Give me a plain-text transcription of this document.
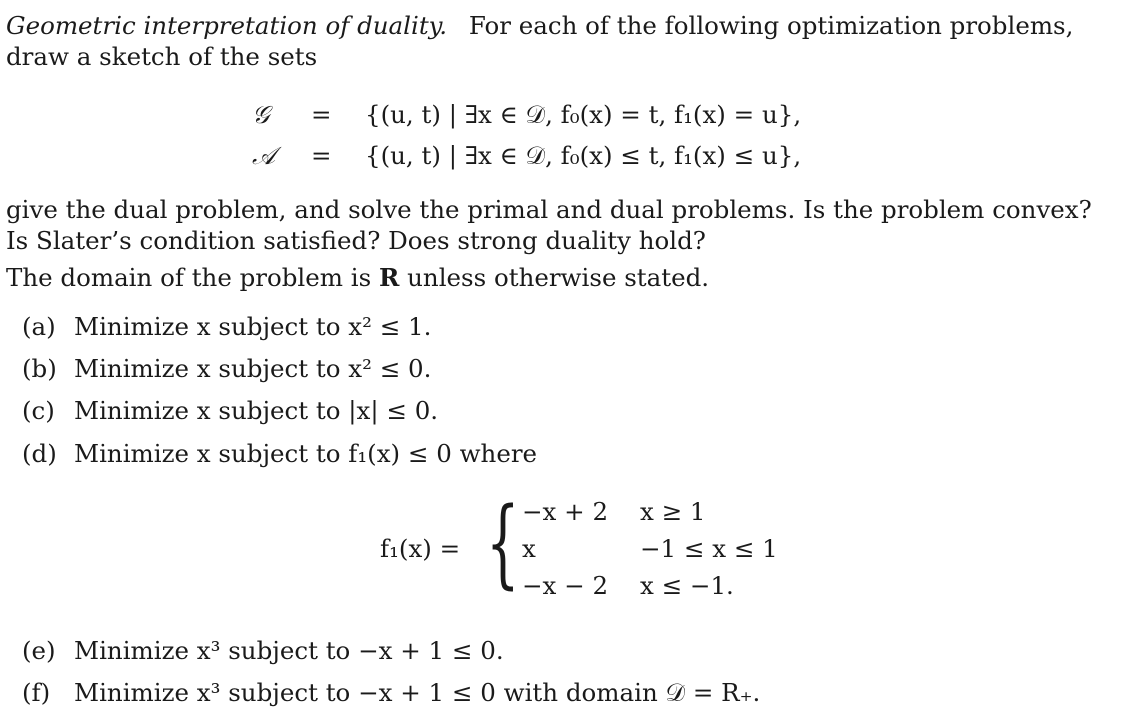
Geometric interpretation of duality. For each of the following optimization problems,
draw a sketch of the sets
𝒢 = {(u, t) | ∃x ∈ 𝒟, f₀(x) = t, f₁(x) = u},
𝒜 = {(u, t) | ∃x ∈ 𝒟, f₀(x) ≤ t, f₁(x) ≤ u},
give the dual problem, and solve the primal and dual problems. Is the problem convex?
Is Slater’s condition satisfied? Does strong duality hold?
The domain of the problem is R unless otherwise stated.
(a) Minimize x subject to x² ≤ 1.
(b) Minimize x subject to x² ≤ 0.
(c) Minimize x subject to |x| ≤ 0.
(d) Minimize x subject to f₁(x) ≤ 0 where
f₁(x) = { −x + 2 x ≥ 1
x	−1 ≤ x ≤ 1
−x − 2 x ≤ −1.
(e) Minimize x³ subject to −x + 1 ≤ 0.
(f) Minimize x³ subject to −x + 1 ≤ 0 with domain 𝒟 = R₊.
